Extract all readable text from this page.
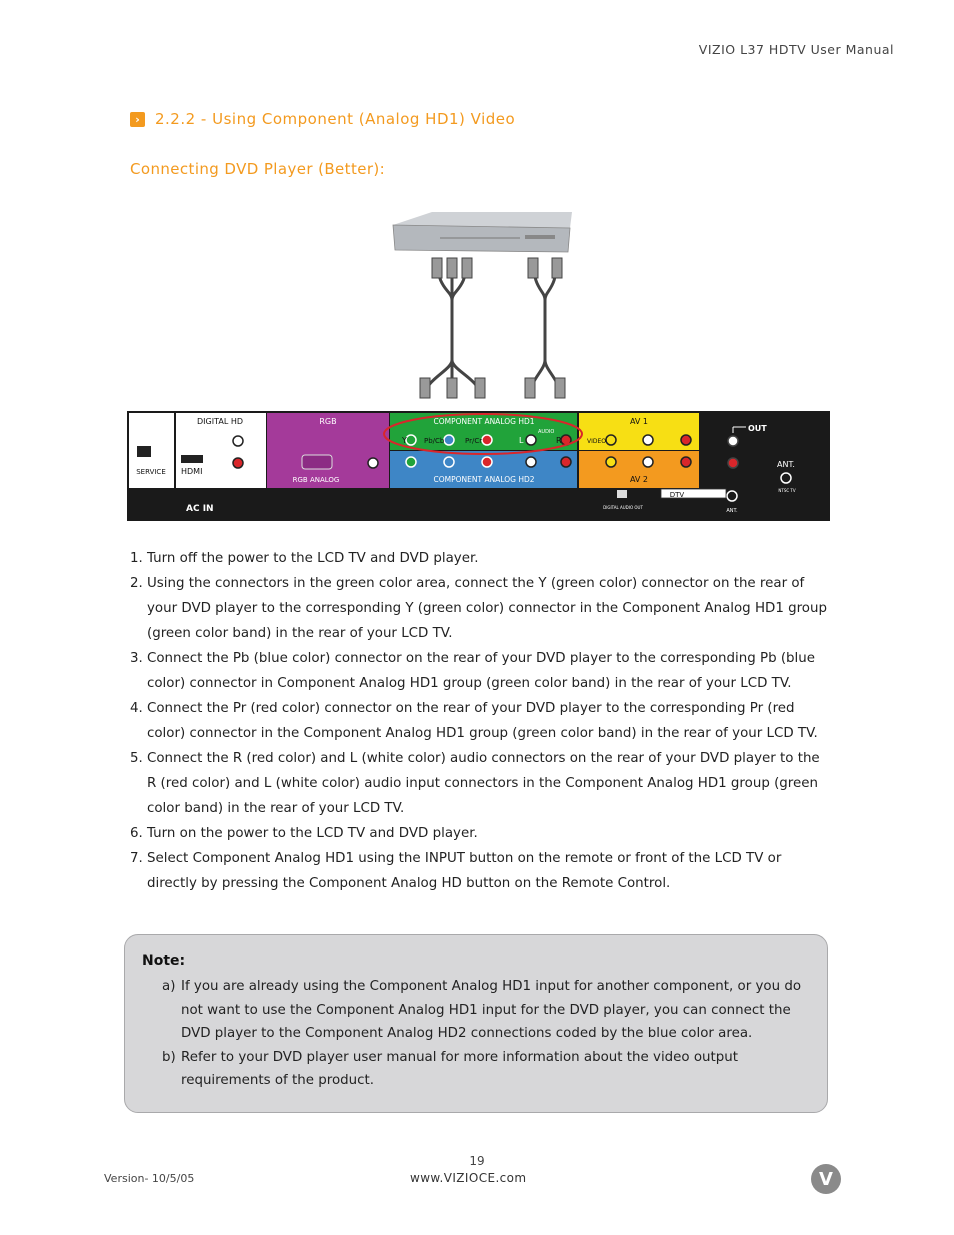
VIZIO L37 HDTV User Manual
›	2.2.2 - Using Component (Analog HD1) Video
Connecting DVD Player (Better):
DIGITAL HD
HDMI
SERVICE
RGB
RGB ANALOG
COMPONENT ANALOG HD1
COMPONENT ANALOG HD2
Y Pb/Cb	Pr/Cr	L	R
AUDIO
AV 1
AV 2
VIDEO
OUT
ANT.
NTSC TV
AC IN
DTV
DIGITAL AUDIO OUT
ANT.
1. Turn off the power to the LCD TV and DVD player.
2. Using the connectors in the green color area, connect the Y (green color) connector on the rear of your DVD player to the corresponding Y (green color) connector in the Component Analog HD1 group (green color band) in the rear of your LCD TV.
3. Connect the Pb (blue color) connector on the rear of your DVD player to the corresponding Pb (blue color) connector in Component Analog HD1 group (green color band) in the rear of your LCD TV.
4. Connect the Pr (red color) connector on the rear of your DVD player to the corresponding Pr (red color) connector in the Component Analog HD1 group (green color band) in the rear of your LCD TV.
5. Connect the R (red color) and L (white color) audio connectors on the rear of your DVD player to the R (red color) and L (white color) audio input connectors in the Component Analog HD1 group (green color band) in the rear of your LCD TV.
6. Turn on the power to the LCD TV and DVD player.
7. Select Component Analog HD1 using the INPUT button on the remote or front of the LCD TV or directly by pressing the Component Analog HD button on the Remote Control.
Note:
a) If you are already using the Component Analog HD1 input for another component, or you do not want to use the Component Analog HD1 input for the DVD player, you can connect the DVD player to the Component Analog HD2 connections coded by the blue color area.
b) Refer to your DVD player user manual for more information about the video output requirements of the product.
19
Version- 10/5/05	www.VIZIOCE.com	V
